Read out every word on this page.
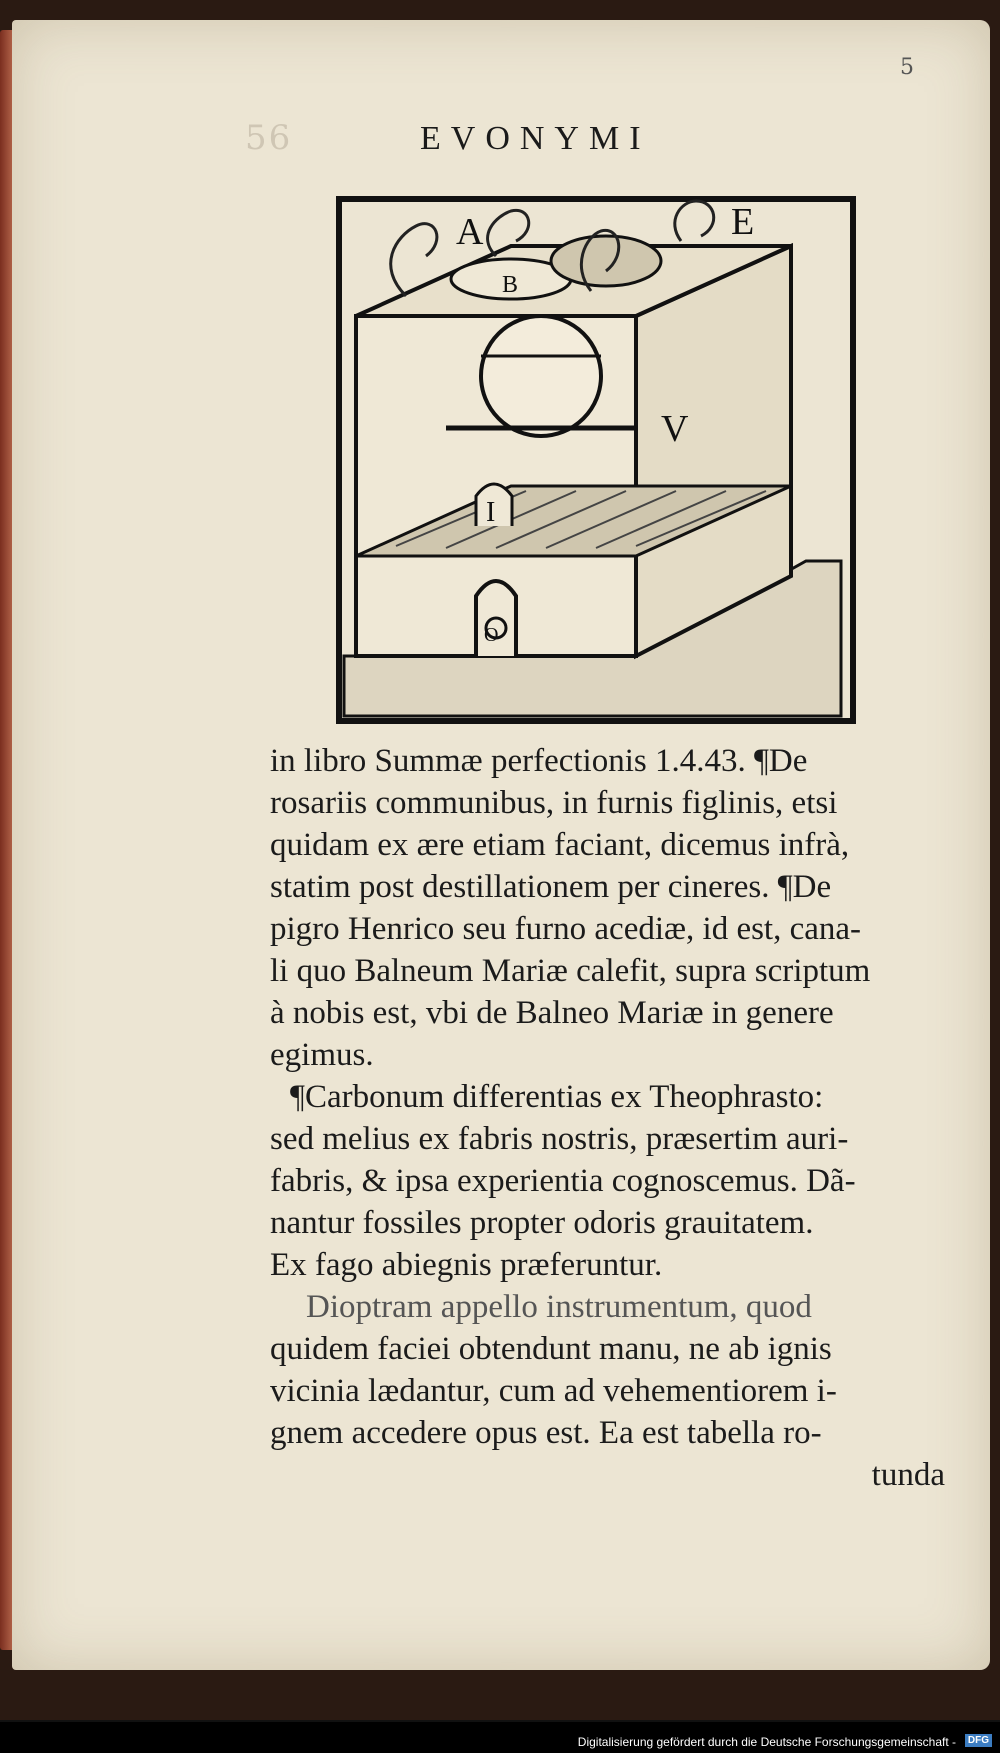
56
5
EVONYMI
A
B
E
V
I
O
in libro Summæ perfectionis 1.4.43. ¶De
rosariis communibus, in furnis figlinis, etsi
quidam ex ære etiam faciant, dicemus infrà,
statim post destillationem per cineres. ¶De
pigro Henrico seu furno acediæ, id est, cana-
li quo Balneum Mariæ calefit, supra scriptum
à nobis est, vbi de Balneo Mariæ in genere
egimus.
¶Carbonum differentias ex Theophrasto:
sed melius ex fabris nostris, præsertim auri-
fabris, & ipsa experientia cognoscemus. Dã-
nantur fossiles propter odoris grauitatem.
Ex fago abiegnis præferuntur.
Dioptram appello instrumentum, quod
quidem faciei obtendunt manu, ne ab ignis
vicinia lædantur, cum ad vehementiorem i-
gnem accedere opus est. Ea est tabella ro-
tunda
Digitalisierung gefördert durch die Deutsche Forschungsgemeinschaft -	DFG
